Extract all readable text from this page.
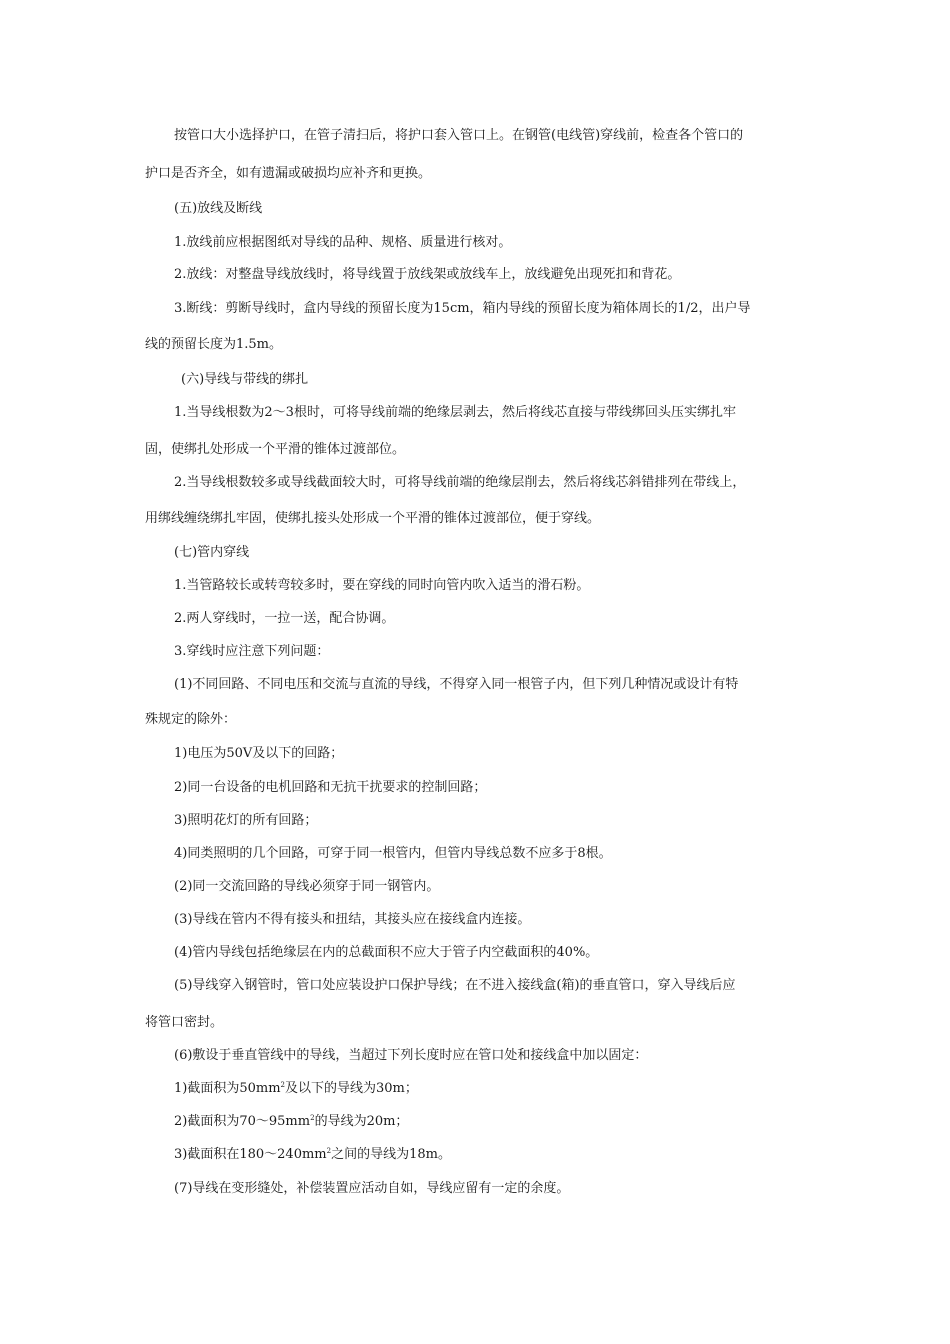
按管口大小选择护口，在管子清扫后，将护口套入管口上。在钢管(电线管)穿线前，检查各个管口的

护口是否齐全，如有遗漏或破损均应补齐和更换。

(五)放线及断线

1.放线前应根据图纸对导线的品种、规格、质量进行核对。

2.放线：对整盘导线放线时，将导线置于放线架或放线车上，放线避免出现死扣和背花。

3.断线：剪断导线时，盒内导线的预留长度为15cm，箱内导线的预留长度为箱体周长的1/2，出户导

线的预留长度为1.5m。

(六)导线与带线的绑扎

1.当导线根数为2～3根时，可将导线前端的绝缘层剥去，然后将线芯直接与带线绑回头压实绑扎牢

固，使绑扎处形成一个平滑的锥体过渡部位。

2.当导线根数较多或导线截面较大时，可将导线前端的绝缘层削去，然后将线芯斜错排列在带线上，

用绑线缠绕绑扎牢固，使绑扎接头处形成一个平滑的锥体过渡部位，便于穿线。

(七)管内穿线

1.当管路较长或转弯较多时，要在穿线的同时向管内吹入适当的滑石粉。

2.两人穿线时，一拉一送，配合协调。

3.穿线时应注意下列问题：

(1)不同回路、不同电压和交流与直流的导线，不得穿入同一根管子内，但下列几种情况或设计有特

殊规定的除外：

1)电压为50V及以下的回路；

2)同一台设备的电机回路和无抗干扰要求的控制回路；

3)照明花灯的所有回路；

4)同类照明的几个回路，可穿于同一根管内，但管内导线总数不应多于8根。

(2)同一交流回路的导线必须穿于同一钢管内。

(3)导线在管内不得有接头和扭结，其接头应在接线盒内连接。

(4)管内导线包括绝缘层在内的总截面积不应大于管子内空截面积的40%。

(5)导线穿入钢管时，管口处应装设护口保护导线；在不进入接线盒(箱)的垂直管口，穿入导线后应

将管口密封。

(6)敷设于垂直管线中的导线，当超过下列长度时应在管口处和接线盒中加以固定：

1)截面积为$50mm^2$及以下的导线为30m；

2)截面积为$70\sim 95mm^2$的导线为20m；

3)截面积在$180\sim 240mm^2$之间的导线为18m。

(7)导线在变形缝处，补偿装置应活动自如，导线应留有一定的余度。
